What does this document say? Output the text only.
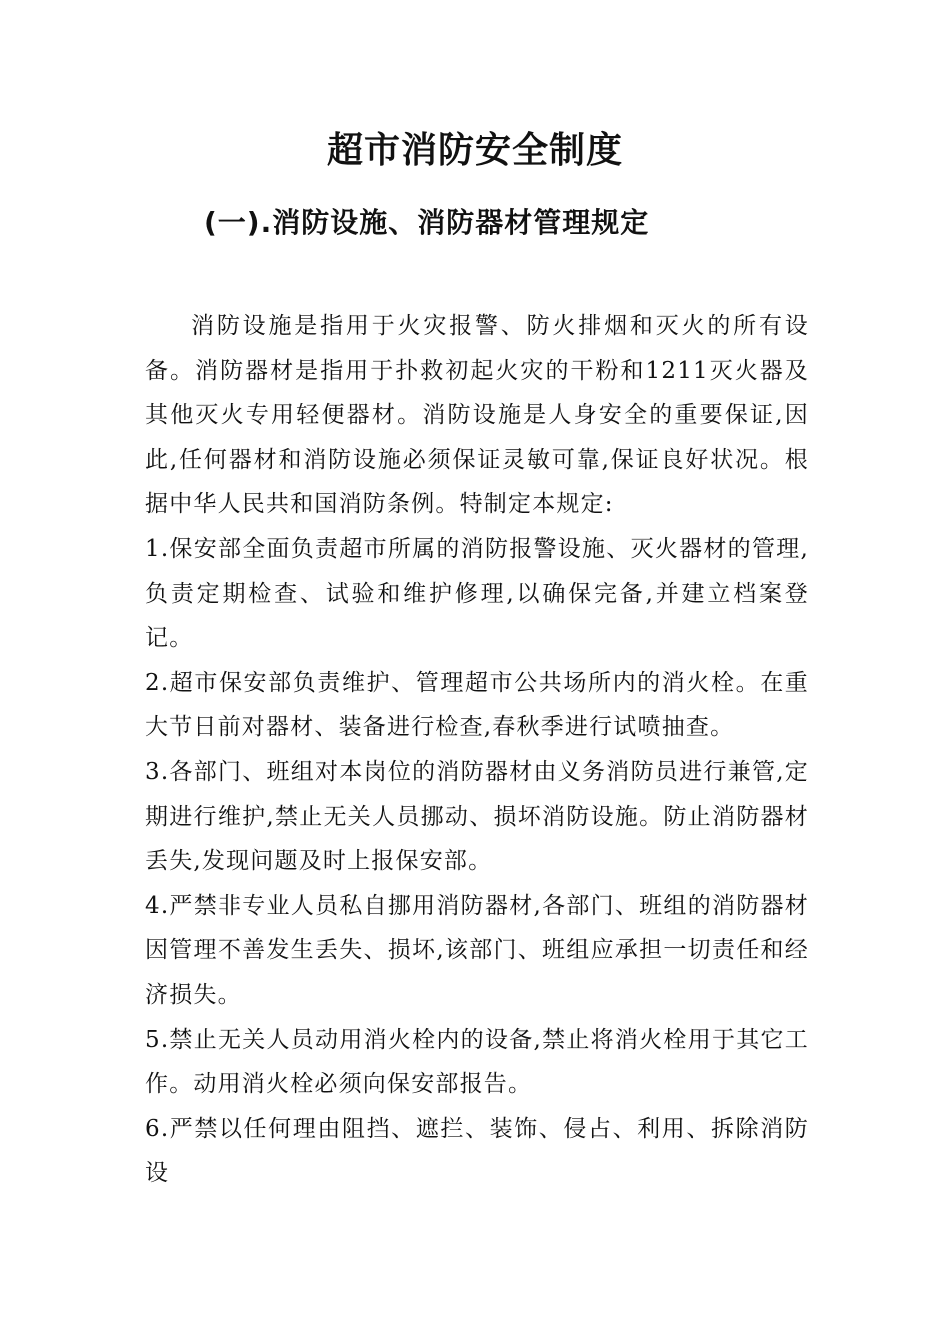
超市消防安全制度
(一).消防设施、消防器材管理规定

消防设施是指用于火灾报警、防火排烟和灭火的所有设备。消防器材是指用于扑救初起火灾的干粉和1211灭火器及其他灭火专用轻便器材。消防设施是人身安全的重要保证,因此,任何器材和消防设施必须保证灵敏可靠,保证良好状况。根据中华人民共和国消防条例。特制定本规定:

1.保安部全面负责超市所属的消防报警设施、灭火器材的管理,负责定期检查、试验和维护修理,以确保完备,并建立档案登记。

2.超市保安部负责维护、管理超市公共场所内的消火栓。在重大节日前对器材、装备进行检查,春秋季进行试喷抽查。

3.各部门、班组对本岗位的消防器材由义务消防员进行兼管,定期进行维护,禁止无关人员挪动、损坏消防设施。防止消防器材丢失,发现问题及时上报保安部。

4.严禁非专业人员私自挪用消防器材,各部门、班组的消防器材因管理不善发生丢失、损坏,该部门、班组应承担一切责任和经济损失。

5.禁止无关人员动用消火栓内的设备,禁止将消火栓用于其它工作。动用消火栓必须向保安部报告。

6.严禁以任何理由阻挡、遮拦、装饰、侵占、利用、拆除消防设
